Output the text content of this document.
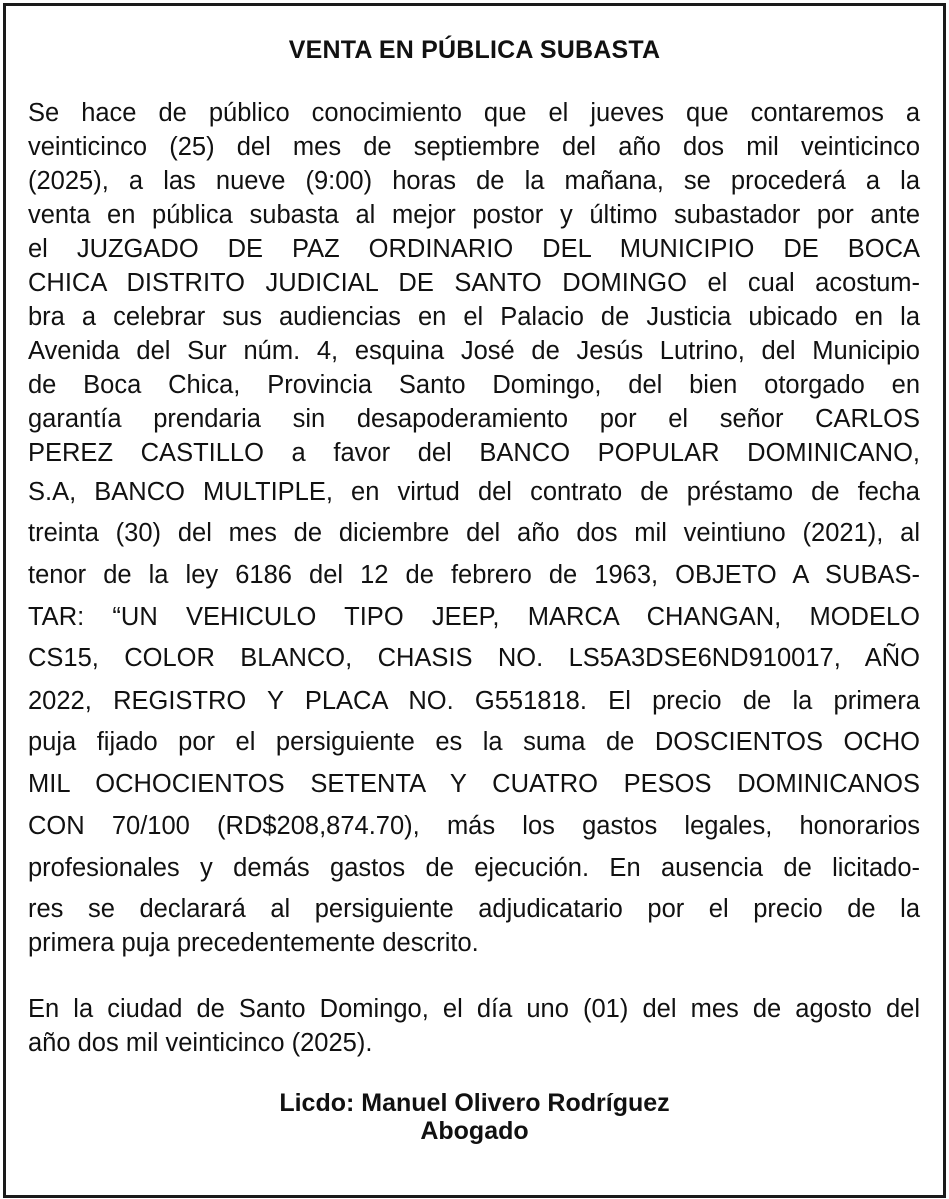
VENTA EN PÚBLICA SUBASTA
Se hace de público conocimiento que el jueves que contaremos a
veinticinco (25) del mes de septiembre del año dos mil veinticinco
(2025), a las nueve (9:00) horas de la mañana, se procederá a la
venta en pública subasta al mejor postor y último subastador por ante
el JUZGADO DE PAZ ORDINARIO DEL MUNICIPIO DE BOCA
CHICA DISTRITO JUDICIAL DE SANTO DOMINGO el cual acostum-
bra a celebrar sus audiencias en el Palacio de Justicia ubicado en la
Avenida del Sur núm. 4, esquina José de Jesús Lutrino, del Municipio
de Boca Chica, Provincia Santo Domingo, del bien otorgado en
garantía prendaria sin desapoderamiento por el señor CARLOS
PEREZ CASTILLO a favor del BANCO POPULAR DOMINICANO,
S.A, BANCO MULTIPLE, en virtud del contrato de préstamo de fecha
treinta (30) del mes de diciembre del año dos mil veintiuno (2021), al
tenor de la ley 6186 del 12 de febrero de 1963, OBJETO A SUBAS-
TAR: “UN VEHICULO TIPO JEEP, MARCA CHANGAN, MODELO
CS15, COLOR BLANCO, CHASIS NO. LS5A3DSE6ND910017, AÑO
2022, REGISTRO Y PLACA NO. G551818. El precio de la primera
puja fijado por el persiguiente es la suma de DOSCIENTOS OCHO
MIL OCHOCIENTOS SETENTA Y CUATRO PESOS DOMINICANOS
CON 70/100 (RD$208,874.70), más los gastos legales, honorarios
profesionales y demás gastos de ejecución. En ausencia de licitado-
res se declarará al persiguiente adjudicatario por el precio de la
primera puja precedentemente descrito.
En la ciudad de Santo Domingo, el día uno (01) del mes de agosto del
año dos mil veinticinco (2025).
Licdo: Manuel Olivero Rodríguez
Abogado
